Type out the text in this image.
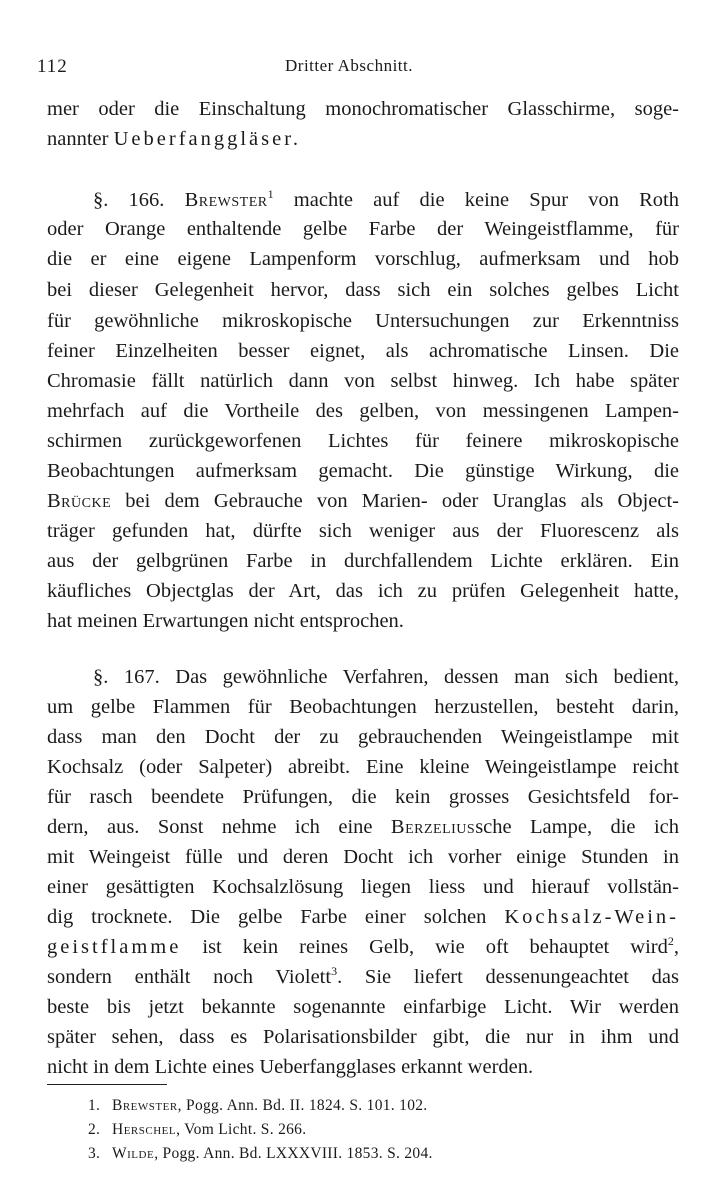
112	Dritter Abschnitt.
mer oder die Einschaltung monochromatischer Glasschirme, soge-
nannter Ueberfanggläser.
§. 166. Brewster$^1$ machte auf die keine Spur von Roth
oder Orange enthaltende gelbe Farbe der Weingeistflamme, für
die er eine eigene Lampenform vorschlug, aufmerksam und hob
bei dieser Gelegenheit hervor, dass sich ein solches gelbes Licht
für gewöhnliche mikroskopische Untersuchungen zur Erkenntniss
feiner Einzelheiten besser eignet, als achromatische Linsen. Die
Chromasie fällt natürlich dann von selbst hinweg. Ich habe später
mehrfach auf die Vortheile des gelben, von messingenen Lampen-
schirmen zurückgeworfenen Lichtes für feinere mikroskopische
Beobachtungen aufmerksam gemacht. Die günstige Wirkung, die
Brücke bei dem Gebrauche von Marien- oder Uranglas als Object-
träger gefunden hat, dürfte sich weniger aus der Fluorescenz als
aus der gelbgrünen Farbe in durchfallendem Lichte erklären. Ein
käufliches Objectglas der Art, das ich zu prüfen Gelegenheit hatte,
hat meinen Erwartungen nicht entsprochen.
§. 167. Das gewöhnliche Verfahren, dessen man sich bedient,
um gelbe Flammen für Beobachtungen herzustellen, besteht darin,
dass man den Docht der zu gebrauchenden Weingeistlampe mit
Kochsalz (oder Salpeter) abreibt. Eine kleine Weingeistlampe reicht
für rasch beendete Prüfungen, die kein grosses Gesichtsfeld for-
dern, aus. Sonst nehme ich eine Berzeliussche Lampe, die ich
mit Weingeist fülle und deren Docht ich vorher einige Stunden in
einer gesättigten Kochsalzlösung liegen liess und hierauf vollstän-
dig trocknete. Die gelbe Farbe einer solchen Kochsalz-Wein-
geistflamme ist kein reines Gelb, wie oft behauptet wird$^2$,
sondern enthält noch Violett$^3$. Sie liefert dessenungeachtet das
beste bis jetzt bekannte sogenannte einfarbige Licht. Wir werden
später sehen, dass es Polarisationsbilder gibt, die nur in ihm und
nicht in dem Lichte eines Ueberfangglases erkannt werden.
1. Brewster, Pogg. Ann. Bd. II. 1824. S. 101. 102.
2. Herschel, Vom Licht. S. 266.
3. Wilde, Pogg. Ann. Bd. LXXXVIII. 1853. S. 204.
